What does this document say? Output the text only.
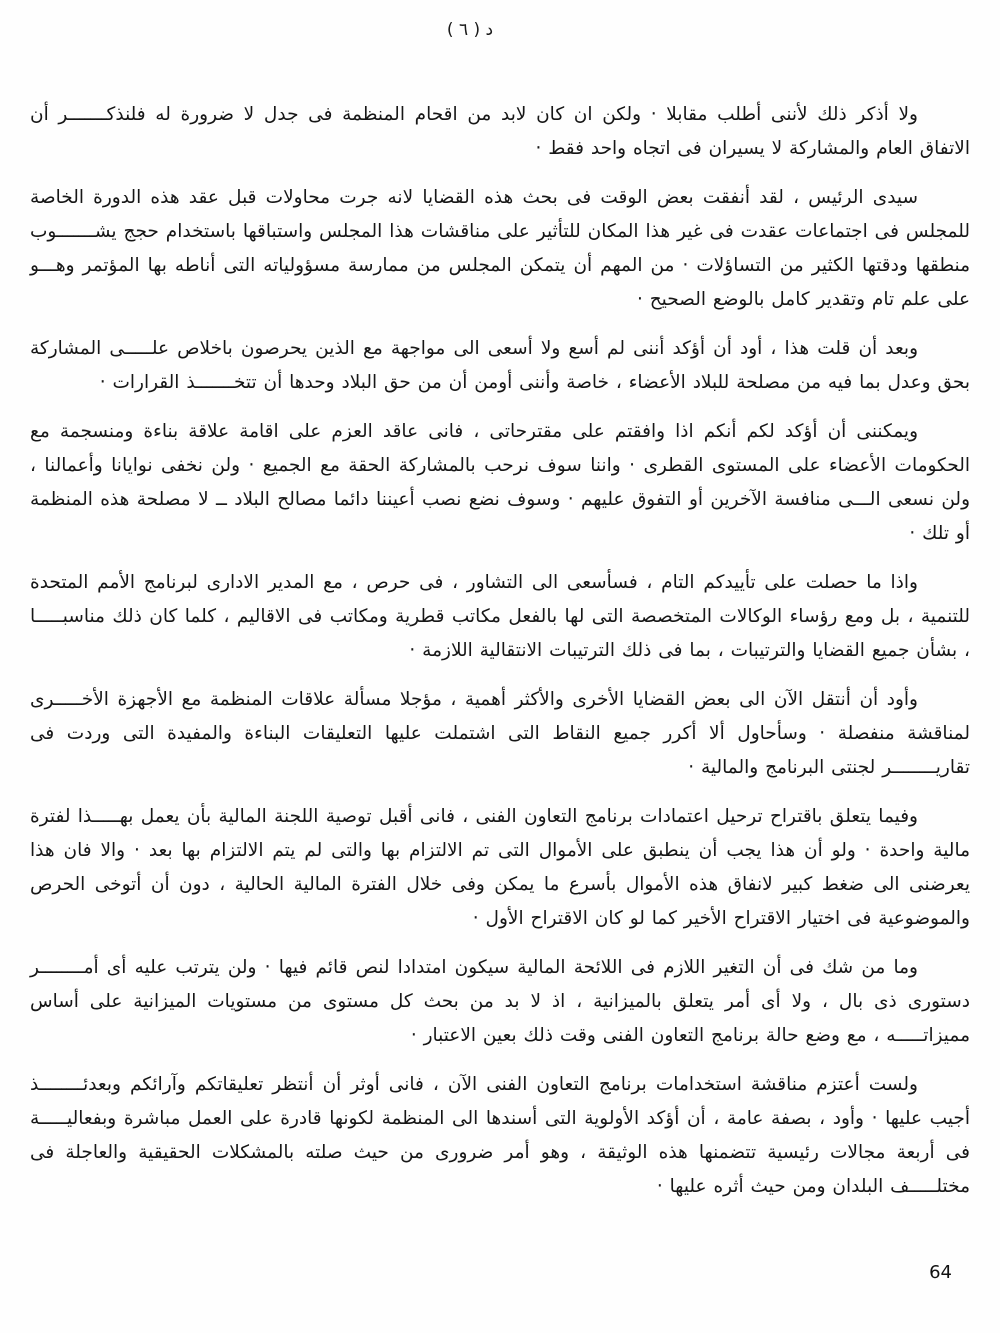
د ( ٦ )

ولا أذكر ذلك لأننى أطلب مقابلا · ولكن ان كان لابد من اقحام المنظمة فى جدل لا ضرورة له فلنذكـــــــر أن الاتفاق العام والمشاركة لا يسيران فى اتجاه واحد فقط ·

سيدى الرئيس ، لقد أنفقت بعض الوقت فى بحث هذه القضايا لانه جرت محاولات قبل عقد هذه الدورة الخاصة للمجلس فى اجتماعات عقدت فى غير هذا المكان للتأثير على مناقشات هذا المجلس واستباقها باستخدام حجج يشـــــــوب منطقها ودقتها الكثير من التساؤلات · من المهم أن يتمكن المجلس من ممارسة مسؤولياته التى أناطه بها المؤتمر وهـــو على علم تام وتقدير كامل بالوضع الصحيح ·

وبعد أن قلت هذا ، أود أن أؤكد أننى لم أسع ولا أسعى الى مواجهة مع الذين يحرصون باخلاص علـــــى المشاركة بحق وعدل بما فيه من مصلحة للبلاد الأعضاء ، خاصة وأننى أومن أن من حق البلاد وحدها أن تتخـــــــذ القرارات ·

ويمكننى أن أؤكد لكم أنكم اذا وافقتم على مقترحاتى ، فانى عاقد العزم على اقامة علاقة بناءة ومنسجمة مع الحكومات الأعضاء على المستوى القطرى · واننا سوف نرحب بالمشاركة الحقة مع الجميع · ولن نخفى نوايانا وأعمالنا ، ولن نسعى الـــى منافسة الآخرين أو التفوق عليهم · وسوف نضع نصب أعيننا دائما مصالح البلاد ــ لا مصلحة هذه المنظمة أو تلك ·

واذا ما حصلت على تأييدكم التام ، فسأسعى الى التشاور ، فى حرص ، مع المدير الادارى لبرنامج الأمم المتحدة للتنمية ، بل ومع رؤساء الوكالات المتخصصة التى لها بالفعل مكاتب قطرية ومكاتب فى الاقاليم ، كلما كان ذلك مناسبـــــا ، بشأن جميع القضايا والترتيبات ، بما فى ذلك الترتيبات الانتقالية اللازمة ·

وأود أن أنتقل الآن الى بعض القضايا الأخرى والأكثر أهمية ، مؤجلا مسألة علاقات المنظمة مع الأجهزة الأخـــــرى لمناقشة منفصلة · وسأحاول ألا أكرر جميع النقاط التى اشتملت عليها التعليقات البناءة والمفيدة التى وردت فى تقاريــــــــر لجنتى البرنامج والمالية ·

وفيما يتعلق باقتراح ترحيل اعتمادات برنامج التعاون الفنى ، فانى أقبل توصية اللجنة المالية بأن يعمل بهـــــذا لفترة مالية واحدة · ولو أن هذا يجب أن ينطبق على الأموال التى تم الالتزام بها والتى لم يتم الالتزام بها بعد · والا فان هذا يعرضنى الى ضغط كبير لانفاق هذه الأموال بأسرع ما يمكن وفى خلال الفترة المالية الحالية ، دون أن أتوخى الحرص والموضوعية فى اختيار الاقتراح الأخير كما لو كان الاقتراح الأول ·

وما من شك فى أن التغير اللازم فى اللائحة المالية سيكون امتدادا لنص قائم فيها · ولن يترتب عليه أى أمــــــــر دستورى ذى بال ، ولا أى أمر يتعلق بالميزانية ، اذ لا بد من بحث كل مستوى من مستويات الميزانية على أساس مميزاتـــــه ، مع وضع حالة برنامج التعاون الفنى وقت ذلك بعين الاعتبار ·

ولست أعتزم مناقشة استخدامات برنامج التعاون الفنى الآن ، فانى أوثر أن أنتظر تعليقاتكم وآرائكم وبعدئــــــــذ أجيب عليها · وأود ، بصفة عامة ، أن أؤكد الأولوية التى أسندها الى المنظمة لكونها قادرة على العمل مباشرة وبفعاليـــــة فى أربعة مجالات رئيسية تتضمنها هذه الوثيقة ، وهو أمر ضرورى من حيث صلته بالمشكلات الحقيقية والعاجلة فى مختلـــــف البلدان ومن حيث أثره عليها ·

64
